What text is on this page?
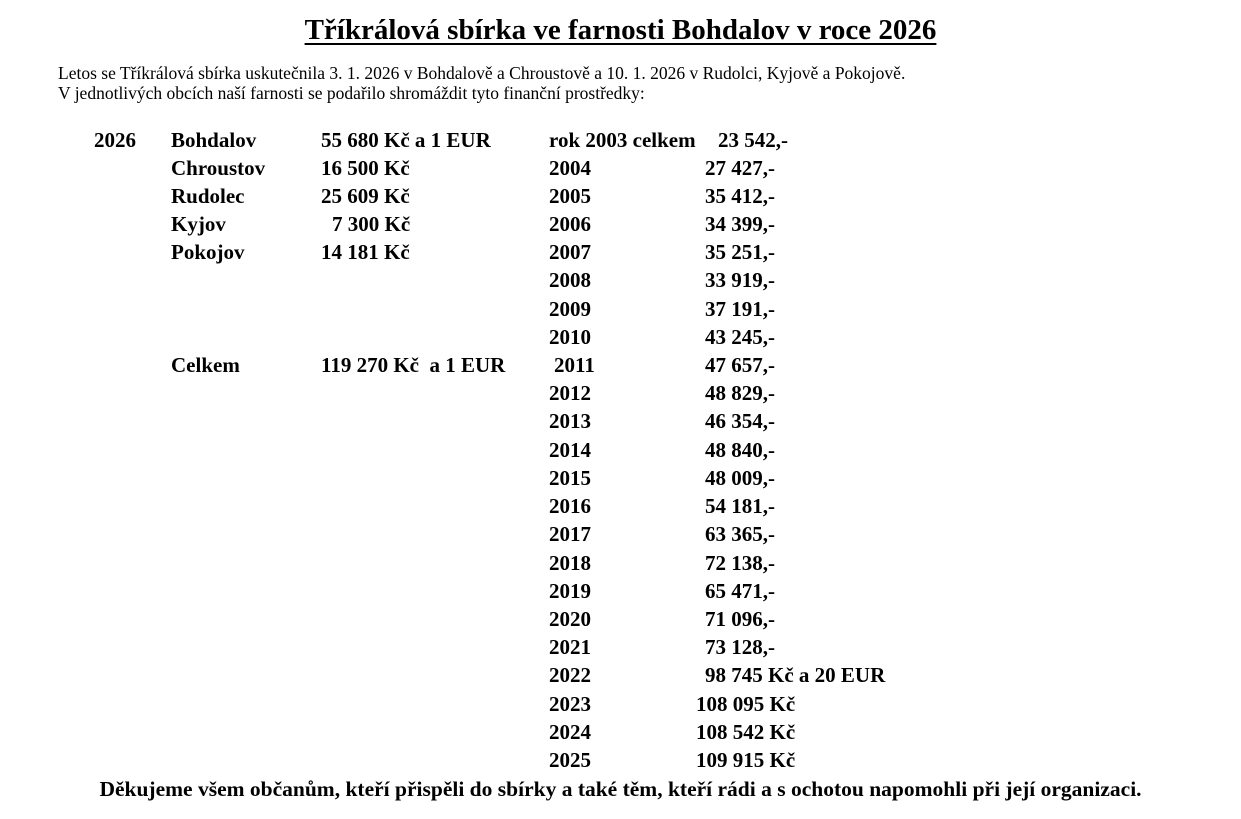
Tříkrálová sbírka ve farnosti Bohdalov v roce 2026
Letos se Tříkrálová sbírka uskutečnila 3. 1. 2026 v Bohdalově a Chroustově a 10. 1. 2026 v Rudolci, Kyjově a Pokojově.
V jednotlivých obcích naší farnosti se podařilo shromáždit tyto finanční prostředky:
2026 Bohdalov	55 680 Kč a 1 EUR
Chroustov	16 500 Kč
Rudolec	25 609 Kč
Kyjov	7 300 Kč
Pokojov	14 181 Kč
Celkem	119 270 Kč  a 1 EUR
rok 2003 celkem 23 542,-
2004	27 427,-
2005	35 412,-
2006	34 399,-
2007	35 251,-
2008	33 919,-
2009	37 191,-
2010	43 245,-
2011	47 657,-
2012	48 829,-
2013	46 354,-
2014	48 840,-
2015	48 009,-
2016	54 181,-
2017	63 365,-
2018	72 138,-
2019	65 471,-
2020	71 096,-
2021	73 128,-
2022	98 745 Kč a 20 EUR
2023	108 095 Kč
2024	108 542 Kč
2025	109 915 Kč
Děkujeme všem občanům, kteří přispěli do sbírky a také těm, kteří rádi a s ochotou napomohli při její organizaci.
